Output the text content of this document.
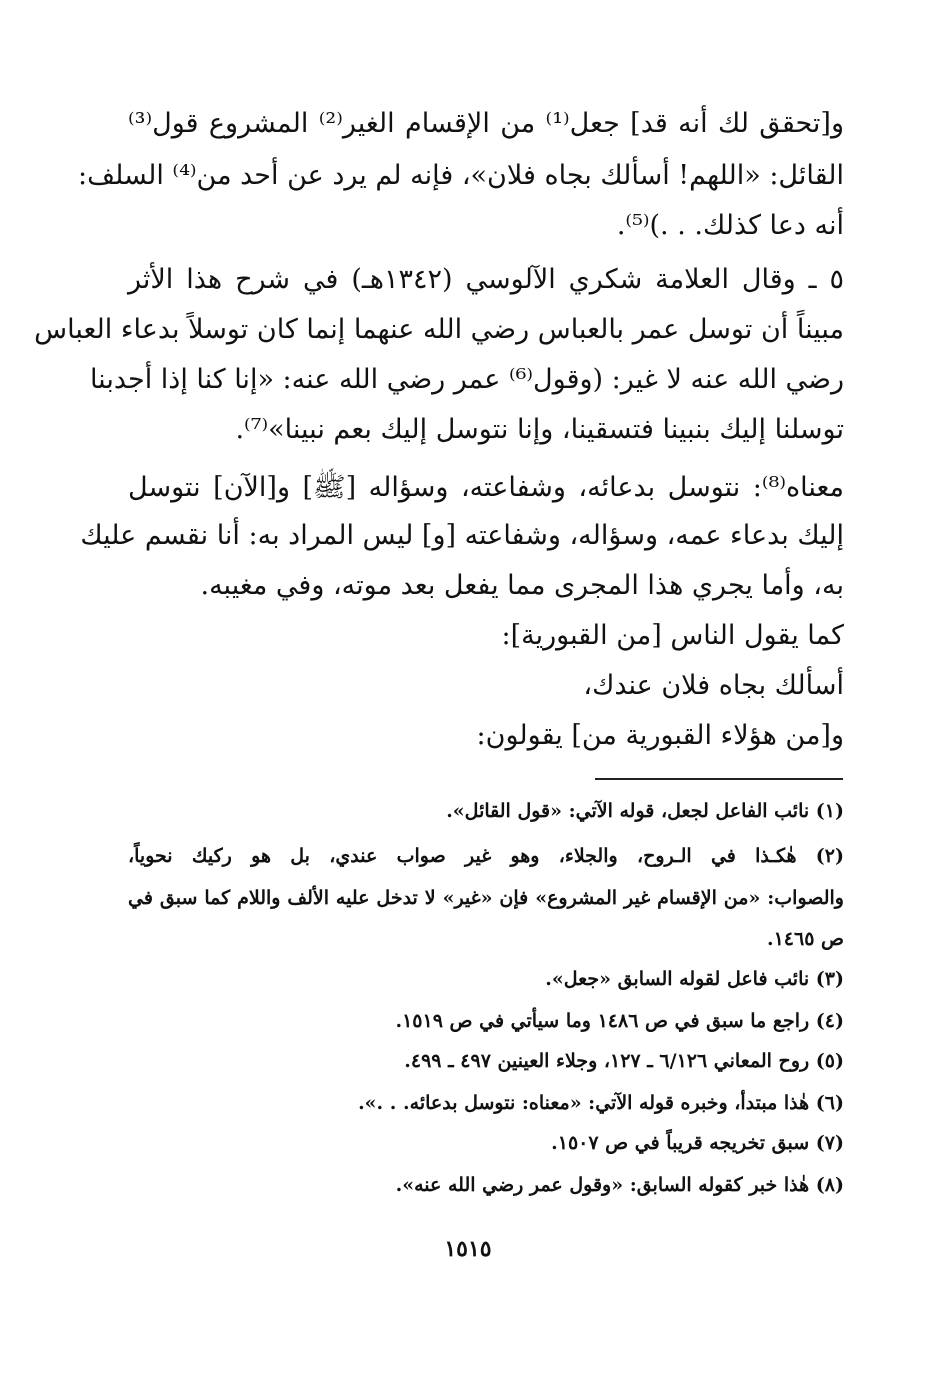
و[تحقق لك أنه قد] جعل⁽¹⁾ من الإقسام الغير⁽²⁾ المشروع قول⁽³⁾
القائل: «اللهم! أسألك بجاه فلان»، فإنه لم يرد عن أحد من⁽⁴⁾ السلف:
أنه دعا كذلك. . .)⁽⁵⁾.
٥ ـ وقال العلامة شكري الآلوسي (١٣٤٢هـ) في شرح هذا الأثر
مبيناً أن توسل عمر بالعباس رضي الله عنهما إنما كان توسلاً بدعاء العباس
رضي الله عنه لا غير: (وقول⁽⁶⁾ عمر رضي الله عنه: «إنا كنا إذا أجدبنا
توسلنا إليك بنبينا فتسقينا، وإنا نتوسل إليك بعم نبينا»⁽⁷⁾.
معناه⁽⁸⁾: نتوسل بدعائه، وشفاعته، وسؤاله [ﷺ] و[الآن] نتوسل
إليك بدعاء عمه، وسؤاله، وشفاعته [و] ليس المراد به: أنا نقسم عليك
به، وأما يجري هذا المجرى مما يفعل بعد موته، وفي مغيبه.
كما يقول الناس [من القبورية]:
أسألك بجاه فلان عندك،
و[من هؤلاء القبورية من] يقولون:
(١) نائب الفاعل لجعل، قوله الآتي: «قول القائل».
(٢) هٰكـذا في الـروح، والجلاء، وهو غير صواب عندي، بل هو ركيك نحوياً،
والصواب: «من الإقسام غير المشروع» فإن «غير» لا تدخل عليه الألف واللام كما سبق في
ص ١٤٦٥.
(٣) نائب فاعل لقوله السابق «جعل».
(٤) راجع ما سبق في ص ١٤٨٦ وما سيأتي في ص ١٥١٩.
(٥) روح المعاني ٦/١٢٦ ـ ١٢٧، وجلاء العينين ٤٩٧ ـ ٤٩٩.
(٦) هٰذا مبتدأ، وخبره قوله الآتي: «معناه: نتوسل بدعائه. . .».
(٧) سبق تخريجه قريباً في ص ١٥٠٧.
(٨) هٰذا خبر كقوله السابق: «وقول عمر رضي الله عنه».
١٥١٥
